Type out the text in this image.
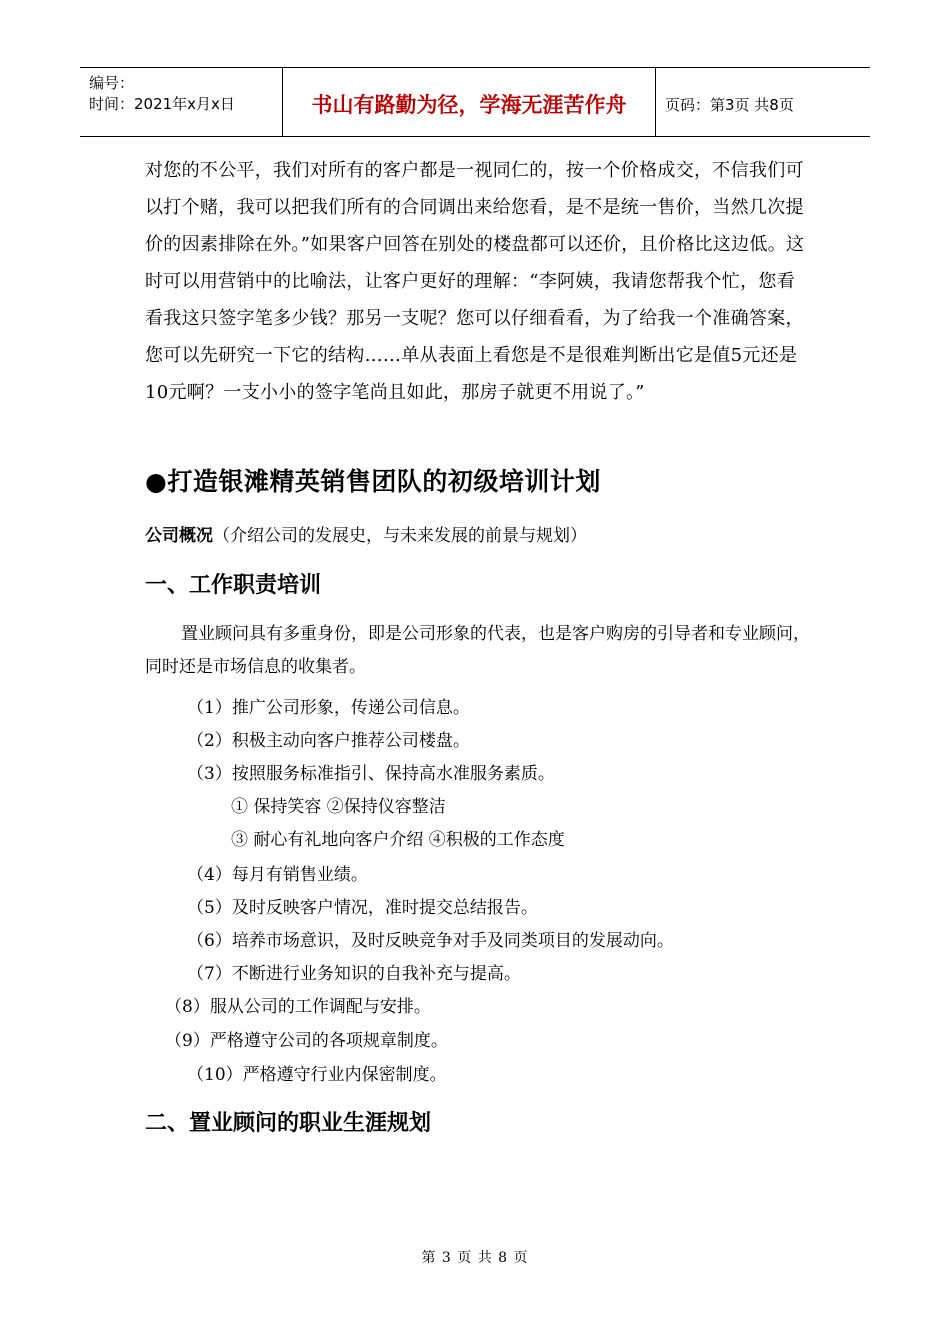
编号：
时间：2021年x月x日	书山有路勤为径，学海无涯苦作舟	页码：第3页 共8页

对您的不公平，我们对所有的客户都是一视同仁的，按一个价格成交，不信我们可以打个赌，我可以把我们所有的合同调出来给您看，是不是统一售价，当然几次提价的因素排除在外。”如果客户回答在别处的楼盘都可以还价，且价格比这边低。这时可以用营销中的比喻法，让客户更好的理解：“李阿姨，我请您帮我个忙，您看看我这只签字笔多少钱？那另一支呢？您可以仔细看看，为了给我一个准确答案，您可以先研究一下它的结构……单从表面上看您是不是很难判断出它是值5元还是10元啊？一支小小的签字笔尚且如此，那房子就更不用说了。”

●打造银滩精英销售团队的初级培训计划
公司概况（介绍公司的发展史，与未来发展的前景与规划）
一、工作职责培训
置业顾问具有多重身份，即是公司形象的代表，也是客户购房的引导者和专业顾问，同时还是市场信息的收集者。
（1）推广公司形象，传递公司信息。
（2）积极主动向客户推荐公司楼盘。
（3）按照服务标准指引、保持高水准服务素质。
① 保持笑容 ②保持仪容整洁
③ 耐心有礼地向客户介绍 ④积极的工作态度
（4）每月有销售业绩。
（5）及时反映客户情况，准时提交总结报告。
（6）培养市场意识，及时反映竞争对手及同类项目的发展动向。
（7）不断进行业务知识的自我补充与提高。
（8）服从公司的工作调配与安排。
（9）严格遵守公司的各项规章制度。
（10）严格遵守行业内保密制度。
二、置业顾问的职业生涯规划
第 3 页 共 8 页
